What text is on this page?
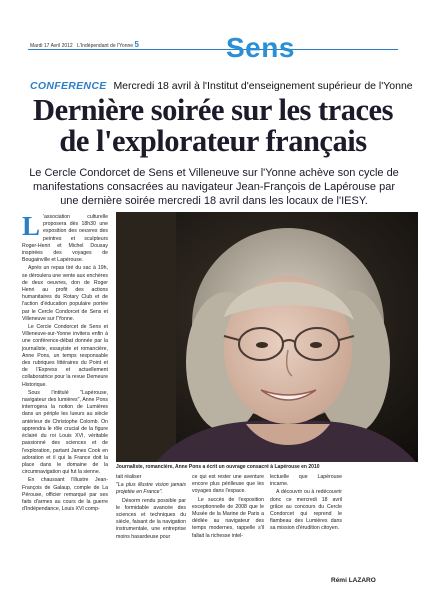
Mardi 17 Avril 2012 L'Indépendant de l'Yonne 5	Sens
CONFERENCE Mercredi 18 avril à l'Institut d'enseignement supérieur de l'Yonne
Dernière soirée sur les traces de l'explorateur français
Le Cercle Condorcet de Sens et Villeneuve sur l'Yonne achève son cycle de manifestations consacrées au navigateur Jean-François de Lapérouse par une dernière soirée mercredi 18 avril dans les locaux de l'IESY.

L 'association culturelle proposera dès 18h30 une exposition des oeuvres des peintres et sculpteurs Roger-Henri et Michel Dousay inspirées des voyages de Bougainville et Lapérouse.

Après un repas tiré du sac à 19h, se déroulera une vente aux enchères de deux oeuvres, don de Roger Henri au profit des actions humanitaires du Rotary Club et de l'action d'éducation populaire portée par le Cercle Condorcet de Sens et Villeneuve sur l'Yonne.

Le Cercle Condorcet de Sens et Villeneuve-sur-Yonne invitera enfin à une conférence-débat donnée par la journaliste, essayiste et romancière, Anne Pons, un temps responsable des rubriques littéraires du Point et de l'Express et actuellement collaboratrice pour la revue Demeure Historique.

Sous l'intitulé "Lapérouse, navigateur des lumières", Anne Pons interrogera la notion de Lumières dans un périple les lueurs au siècle antérieur de Christophe Colomb. On apprendra le rôle crucial de la figure éclairé du roi Louis XVI, véritable passionné des sciences et de l'exploration, partant James Cook en adoration et il qui la France doit la place dans le domaine de la circumnavigation qui fut la sienne.

En chaussant l'illustre Jean-François de Galaup, comple de La Pérouse, officier remarqué par ses faits d'armes au cours de la guerre d'Indépendance, Louis XVI comp-

Journaliste, romancière, Anne Pons a écrit un ouvrage consacré à Lapérouse en 2010

tait réaliser

"La plus illustre vision jamais projetée en France".

Désorm rendu possible par le formidable avancée des sciences et techniques du siècle, faisant de la navigation instrumentale, une entreprise moins hasardeuse pour

ce qui est rester une aventure encore plus périlleuse que les voyages dans l'espace.

Le succès de l'exposition exceptionnelle de 2008 que le Musée de la Marine de Paris a dédiée au navigateur des temps modernes, rappelle s'il fallait la richesse intel-

lectuelle que Lapérouse incarne.

A découvrir ou à redécouvrir donc ce mercredi 18 avril grâce au concours du Cercle Condorcet qui reprend le flambeau des Lumières dans sa mission d'érudition citoyen.

Rémi LAZARO
